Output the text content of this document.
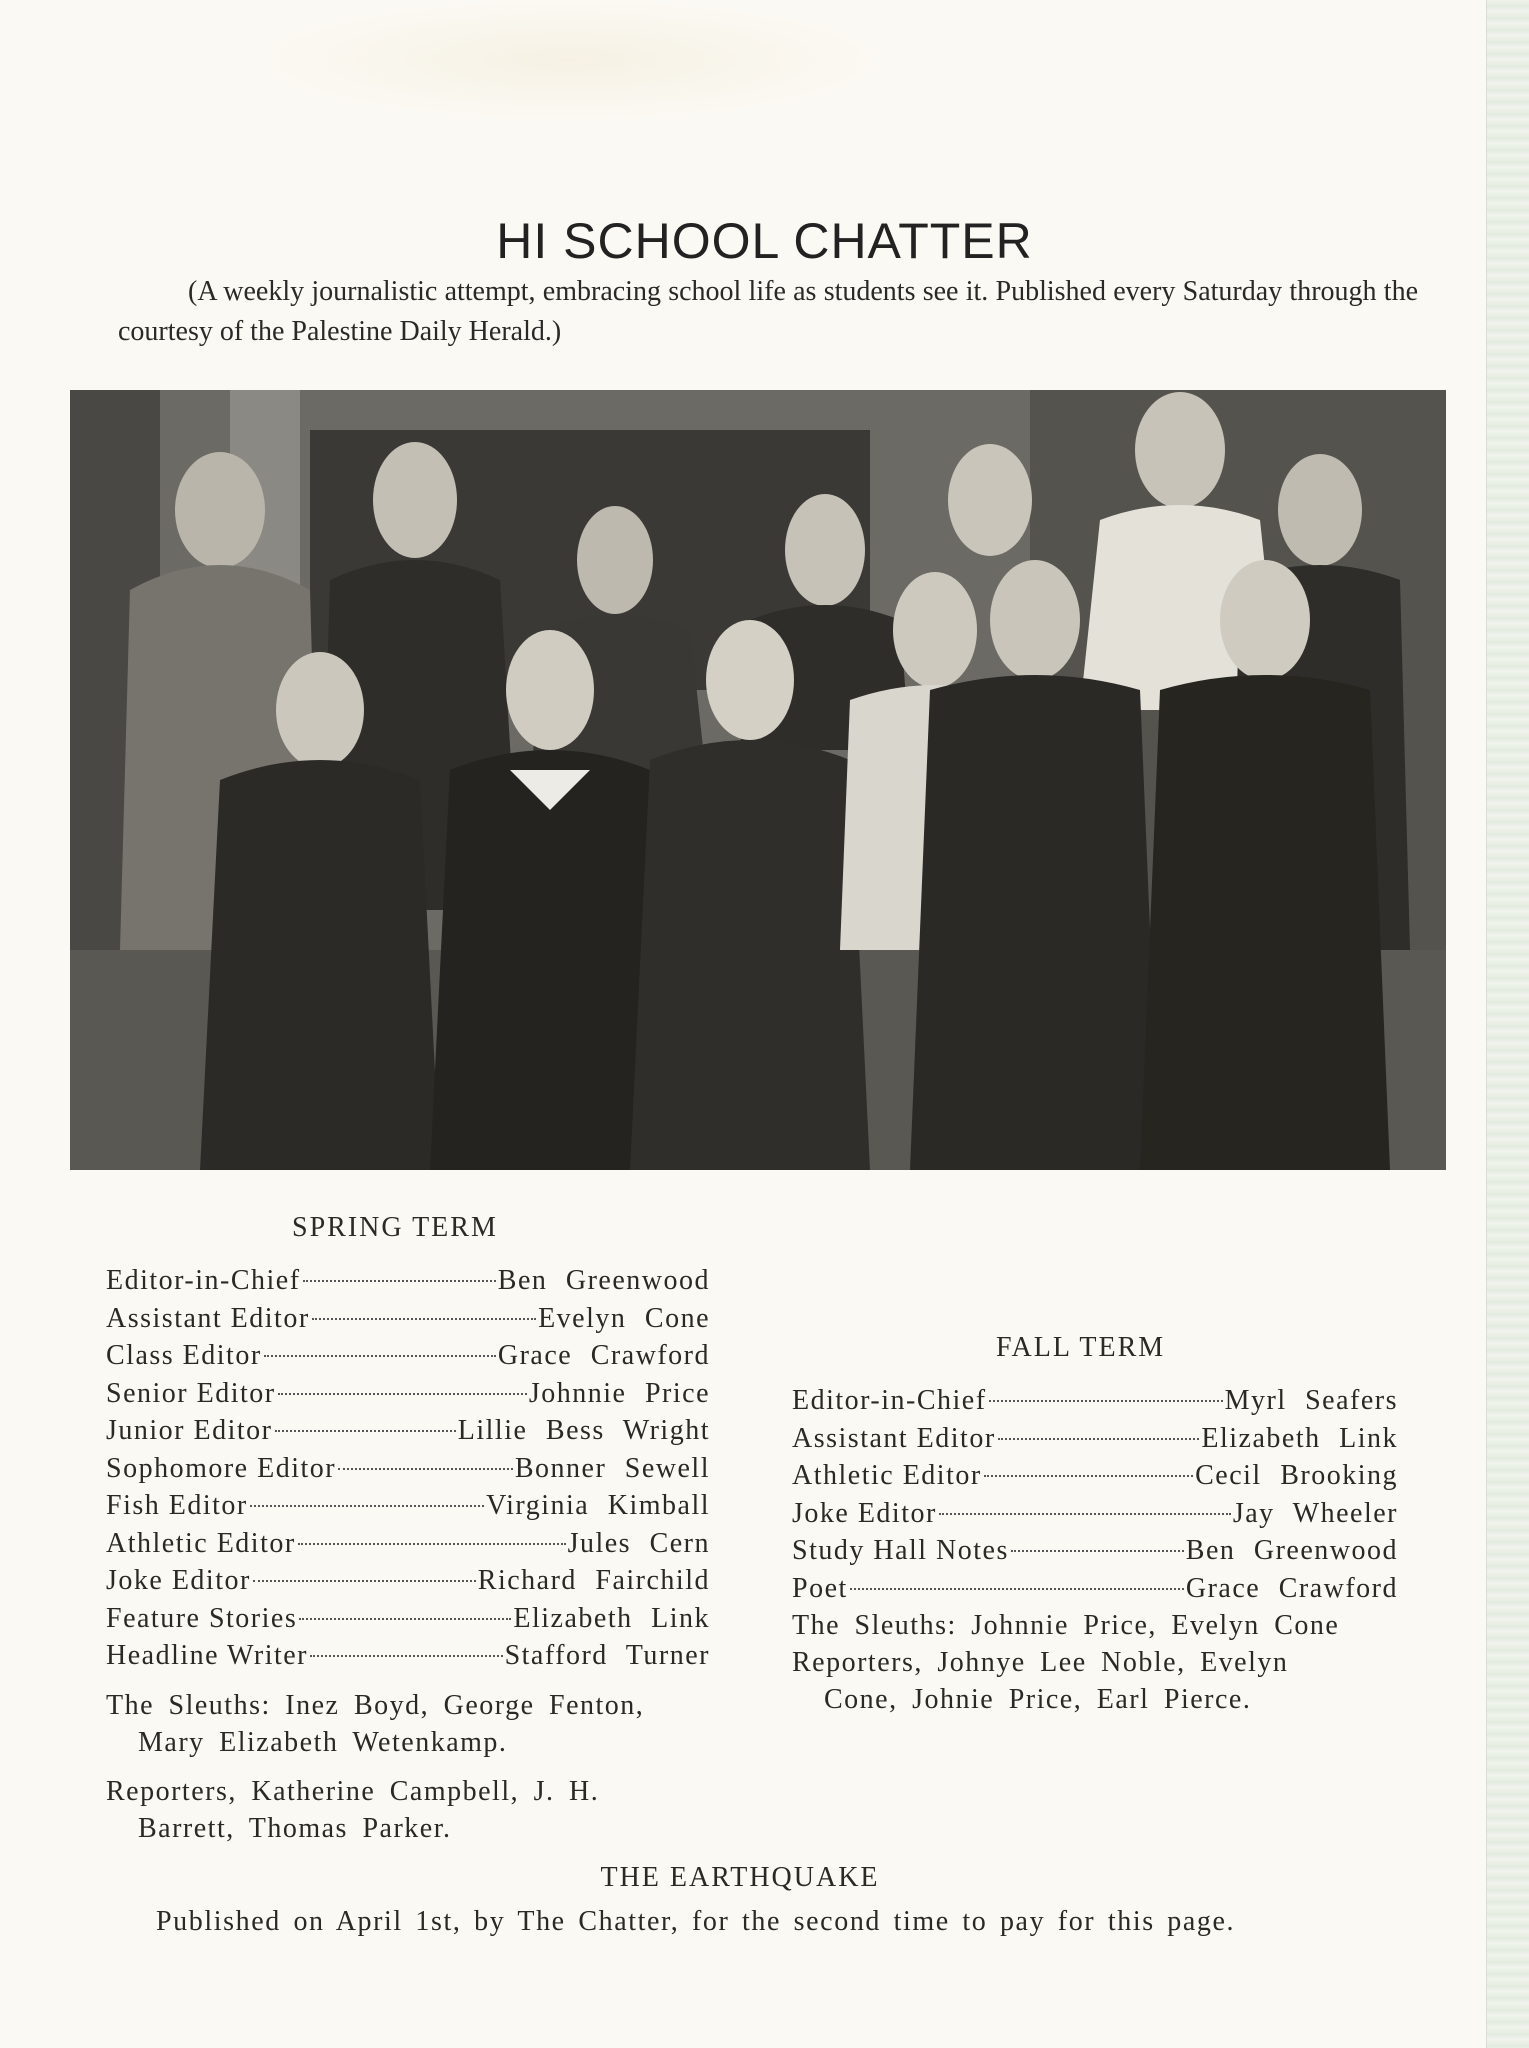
HI SCHOOL CHATTER

(A weekly journalistic attempt, embracing school life as students see it. Published every Saturday through the courtesy of the Palestine Daily Herald.)

SPRING TERM
Editor-in-Chief	Ben Greenwood
Assistant Editor	Evelyn Cone
Class Editor	Grace Crawford
Senior Editor	Johnnie Price
Junior Editor	Lillie Bess Wright
Sophomore Editor	Bonner Sewell
Fish Editor	Virginia Kimball
Athletic Editor	Jules Cern
Joke Editor	Richard Fairchild
Feature Stories	Elizabeth Link
Headline Writer	Stafford Turner
The Sleuths: Inez Boyd, George Fenton,
Mary Elizabeth Wetenkamp.
Reporters, Katherine Campbell, J. H.
Barrett, Thomas Parker.
FALL TERM
Editor-in-Chief	Myrl Seafers
Assistant Editor	Elizabeth Link
Athletic Editor	Cecil Brooking
Joke Editor	Jay Wheeler
Study Hall Notes	Ben Greenwood
Poet	Grace Crawford
The Sleuths: Johnnie Price, Evelyn Cone
Reporters, Johnye Lee Noble, Evelyn
Cone, Johnie Price, Earl Pierce.
THE EARTHQUAKE
Published on April 1st, by The Chatter, for the second time to pay for this page.
